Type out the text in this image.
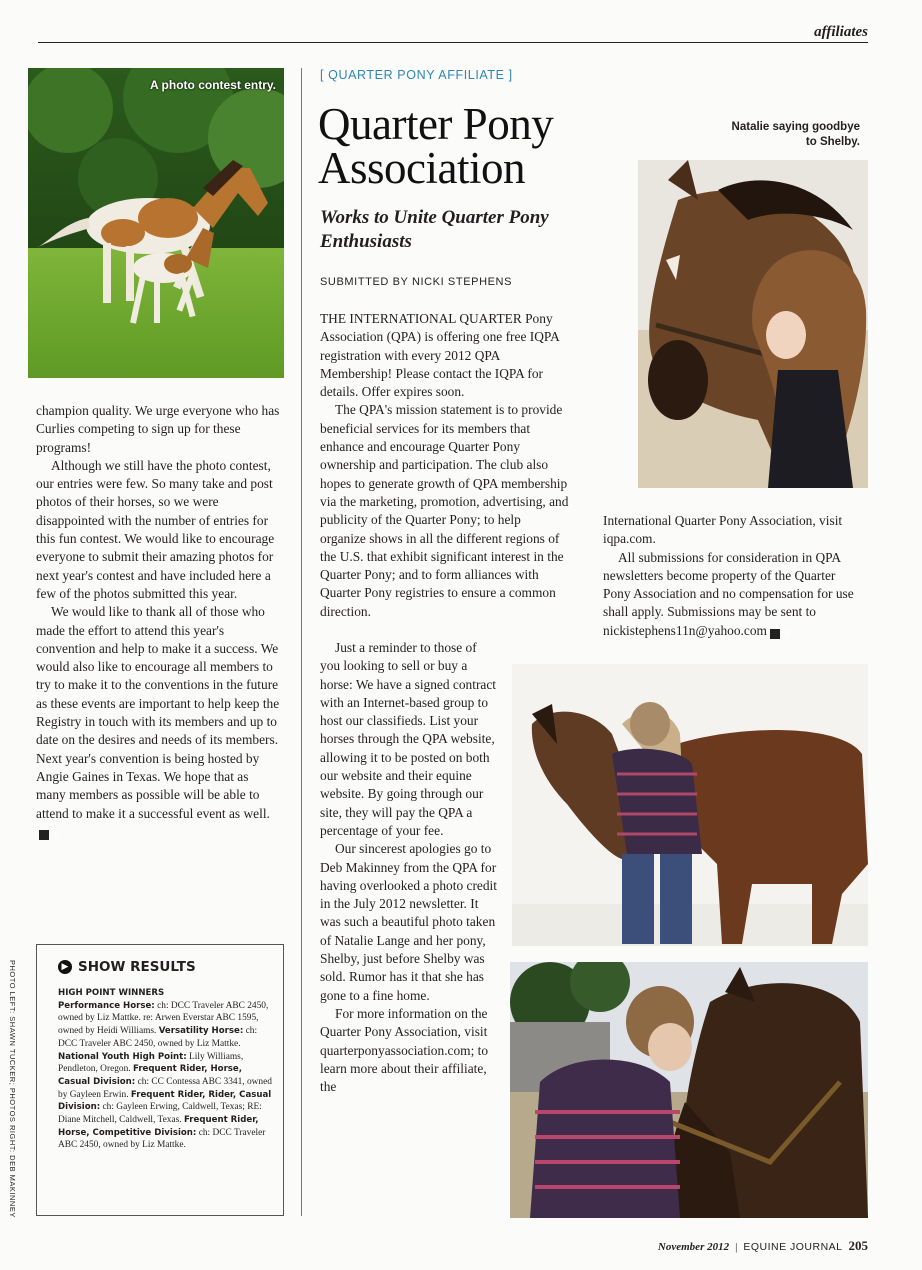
affiliates
A photo contest entry.

champion quality. We urge everyone who has Curlies competing to sign up for these programs!

Although we still have the photo contest, our entries were few. So many take and post photos of their horses, so we were disappointed with the number of entries for this fun contest. We would like to encourage everyone to submit their amazing photos for next year's contest and have included here a few of the photos submitted this year.

We would like to thank all of those who made the effort to attend this year's convention and help to make it a success. We would also like to encourage all members to try to make it to the conventions in the future as these events are important to help keep the Registry in touch with its members and up to date on the desires and needs of its members. Next year's convention is being hosted by Angie Gaines in Texas. We hope that as many members as possible will be able to attend to make it a successful event as well.E

▶ SHOW RESULTS
HIGH POINT WINNERS
Performance Horse: ch: DCC Traveler ABC 2450, owned by Liz Mattke. re: Arwen Everstar ABC 1595, owned by Heidi Williams. Versatility Horse: ch: DCC Traveler ABC 2450, owned by Liz Mattke. National Youth High Point: Lily Williams, Pendleton, Oregon. Frequent Rider, Horse, Casual Division: ch: CC Contessa ABC 3341, owned by Gayleen Erwin. Frequent Rider, Rider, Casual Division: ch: Gayleen Erwing, Caldwell, Texas; RE: Diane Mitchell, Caldwell, Texas. Frequent Rider, Horse, Competitive Division: ch: DCC Traveler ABC 2450, owned by Liz Mattke.
PHOTO LEFT: SHAWN TUCKER; PHOTOS RIGHT: DEB MAKINNEY
[ QUARTER PONY AFFILIATE ]
Quarter Pony Association
Works to Unite Quarter Pony Enthusiasts
SUBMITTED BY NICKI STEPHENS

THE INTERNATIONAL QUARTER Pony Association (QPA) is offering one free IQPA registration with every 2012 QPA Membership! Please contact the IQPA for details. Offer expires soon.

The QPA's mission statement is to provide beneficial services for its members that enhance and encourage Quarter Pony ownership and participation. The club also hopes to generate growth of QPA membership via the marketing, promotion, advertising, and publicity of the Quarter Pony; to help organize shows in all the different regions of the U.S. that exhibit significant interest in the Quarter Pony; and to form alliances with Quarter Pony registries to ensure a common direction.

Just a reminder to those of you looking to sell or buy a horse: We have a signed contract with an Internet-based group to host our classifieds. List your horses through the QPA website, allowing it to be posted on both our website and their equine website. By going through our site, they will pay the QPA a percentage of your fee.

Our sincerest apologies go to Deb Makinney from the QPA for having overlooked a photo credit in the July 2012 newsletter. It was such a beautiful photo taken of Natalie Lange and her pony, Shelby, just before Shelby was sold. Rumor has it that she has gone to a fine home.

For more information on the Quarter Pony Association, visit quarterponyassociation.com; to learn more about their affiliate, the

International Quarter Pony Association, visit iqpa.com.

All submissions for consideration in QPA newsletters become property of the Quarter Pony Association and no compensation for use shall apply. Submissions may be sent to nickistephens11n@yahoo.com E

Natalie saying goodbye to Shelby.
November 2012 | EQUINE JOURNAL 205
